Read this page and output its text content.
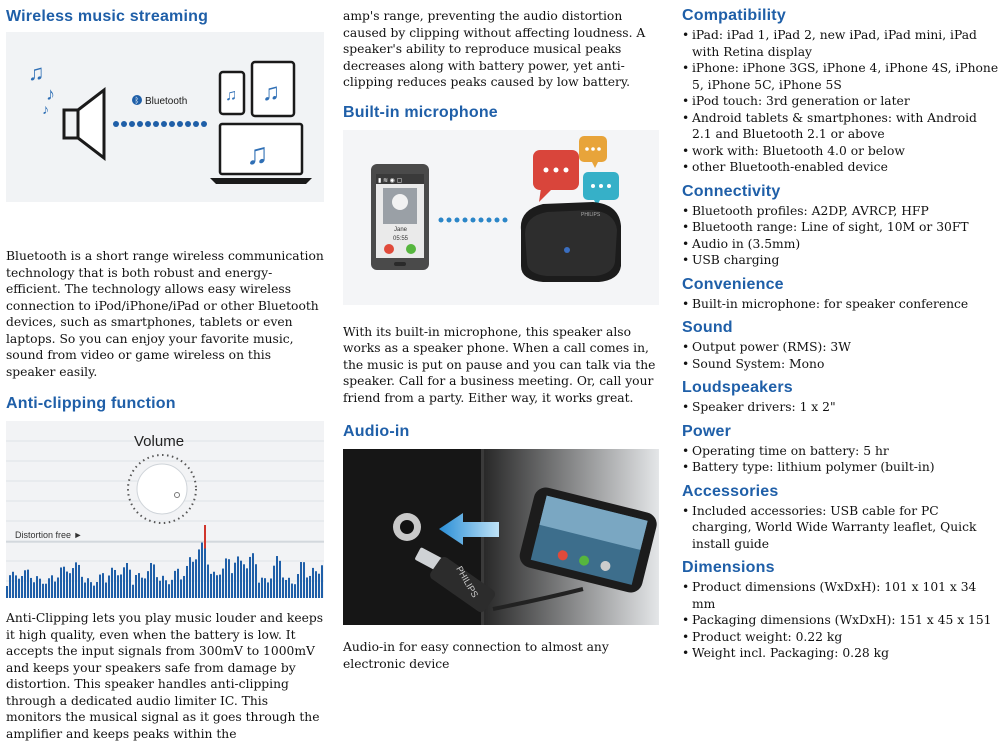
Wireless music streaming
♫
♪
♪
ᛒ Bluetooth ♫ ♫
♫

Bluetooth is a short range wireless communication technology that is both robust and energy-efficient. The technology allows easy wireless connection to iPod/iPhone/iPad or other Bluetooth devices, such as smartphones, tablets or even laptops. So you can enjoy your favorite music, sound from video or game wireless on this speaker easily.

Anti-clipping function
Volume
Distortion free ►

Anti-Clipping lets you play music louder and keeps it high quality, even when the battery is low. It accepts the input signals from 300mV to 1000mV and keeps your speakers safe from damage by distortion. This speaker handles anti-clipping through a dedicated audio limiter IC. This monitors the musical signal as it goes through the amplifier and keeps peaks within the

amp's range, preventing the audio distortion caused by clipping without affecting loudness. A speaker's ability to reproduce musical peaks decreases along with battery power, yet anti-clipping reduces peaks caused by low battery.

Built-in microphone
▮ ≋ ◉ ▢
Jane
05:55
PHILIPS

With its built-in microphone, this speaker also works as a speaker phone. When a call comes in, the music is put on pause and you can talk via the speaker. Call for a business meeting. Or, call your friend from a party. Either way, it works great.

Audio-in
PHILIPS

Audio-in for easy connection to almost any electronic device

Compatibility
• iPad: iPad 1, iPad 2, new iPad, iPad mini, iPad with Retina display
• iPhone: iPhone 3GS, iPhone 4, iPhone 4S, iPhone 5, iPhone 5C, iPhone 5S
• iPod touch: 3rd generation or later
• Android tablets & smartphones: with Android 2.1 and Bluetooth 2.1 or above
• work with: Bluetooth 4.0 or below
• other Bluetooth-enabled device
Connectivity
• Bluetooth profiles: A2DP, AVRCP, HFP
• Bluetooth range: Line of sight, 10M or 30FT
• Audio in (3.5mm)
• USB charging
Convenience
• Built-in microphone: for speaker conference
Sound
• Output power (RMS): 3W
• Sound System: Mono
Loudspeakers
• Speaker drivers: 1 x 2"
Power
• Operating time on battery: 5 hr
• Battery type: lithium polymer (built-in)
Accessories
• Included accessories: USB cable for PC charging, World Wide Warranty leaflet, Quick install guide
Dimensions
• Product dimensions (WxDxH): 101 x 101 x 34 mm
• Packaging dimensions (WxDxH): 151 x 45 x 151
• Product weight: 0.22 kg
• Weight incl. Packaging: 0.28 kg
